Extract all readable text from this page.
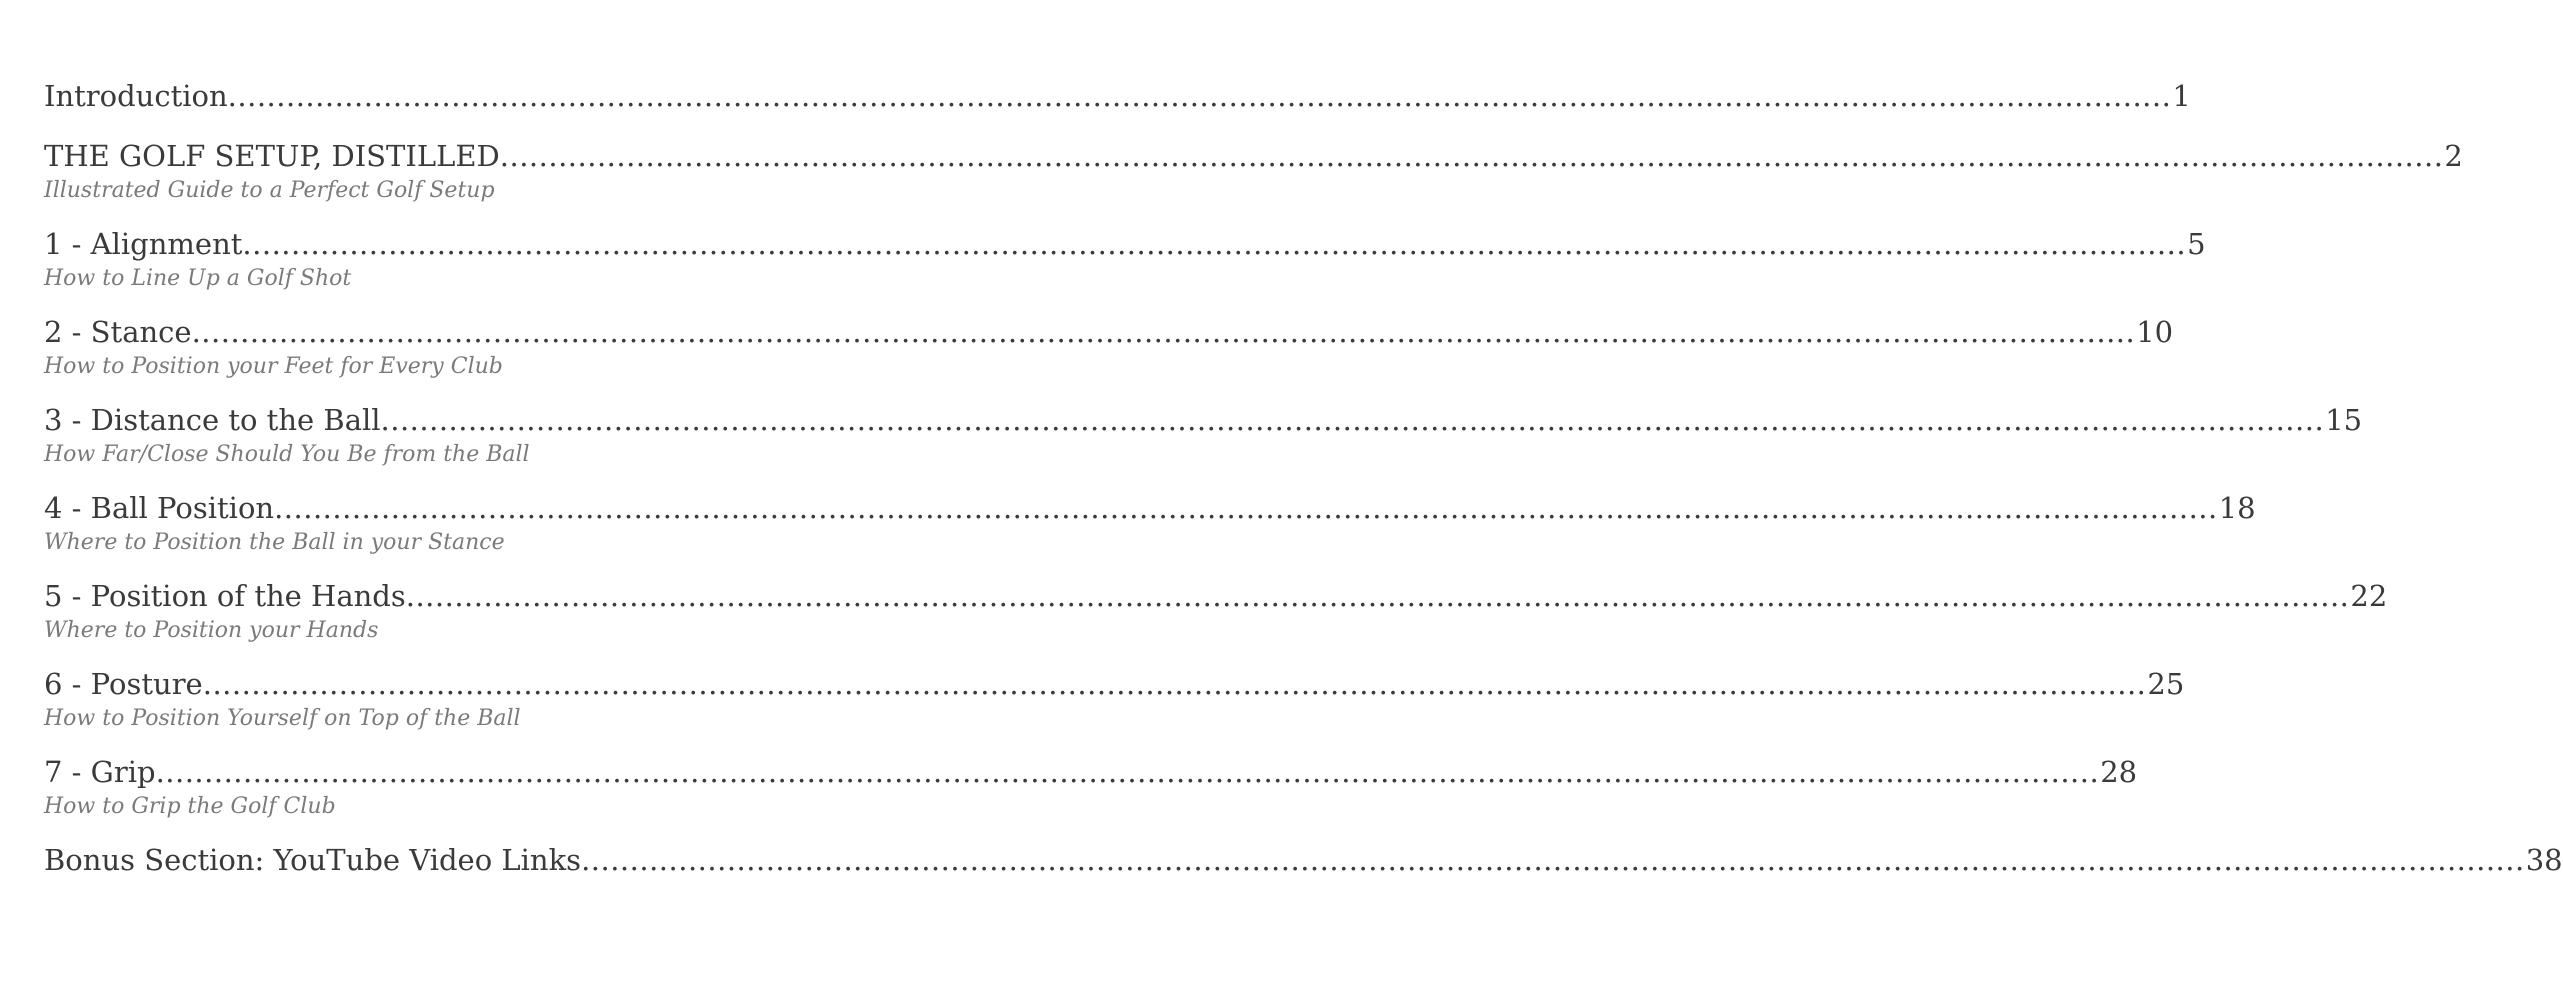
Introduction ........................................................................................................................................................................................................ 1
THE GOLF SETUP, DISTILLED ........................................................................................................................................................................................................ 2
Illustrated Guide to a Perfect Golf Setup
1 - Alignment ........................................................................................................................................................................................................ 5
How to Line Up a Golf Shot
2 - Stance ........................................................................................................................................................................................................ 10
How to Position your Feet for Every Club
3 - Distance to the Ball ........................................................................................................................................................................................................ 15
How Far/Close Should You Be from the Ball
4 - Ball Position ........................................................................................................................................................................................................ 18
Where to Position the Ball in your Stance
5 - Position of the Hands ........................................................................................................................................................................................................ 22
Where to Position your Hands
6 - Posture ........................................................................................................................................................................................................ 25
How to Position Yourself on Top of the Ball
7 - Grip ........................................................................................................................................................................................................ 28
How to Grip the Golf Club
Bonus Section: YouTube Video Links ........................................................................................................................................................................................................ 38
